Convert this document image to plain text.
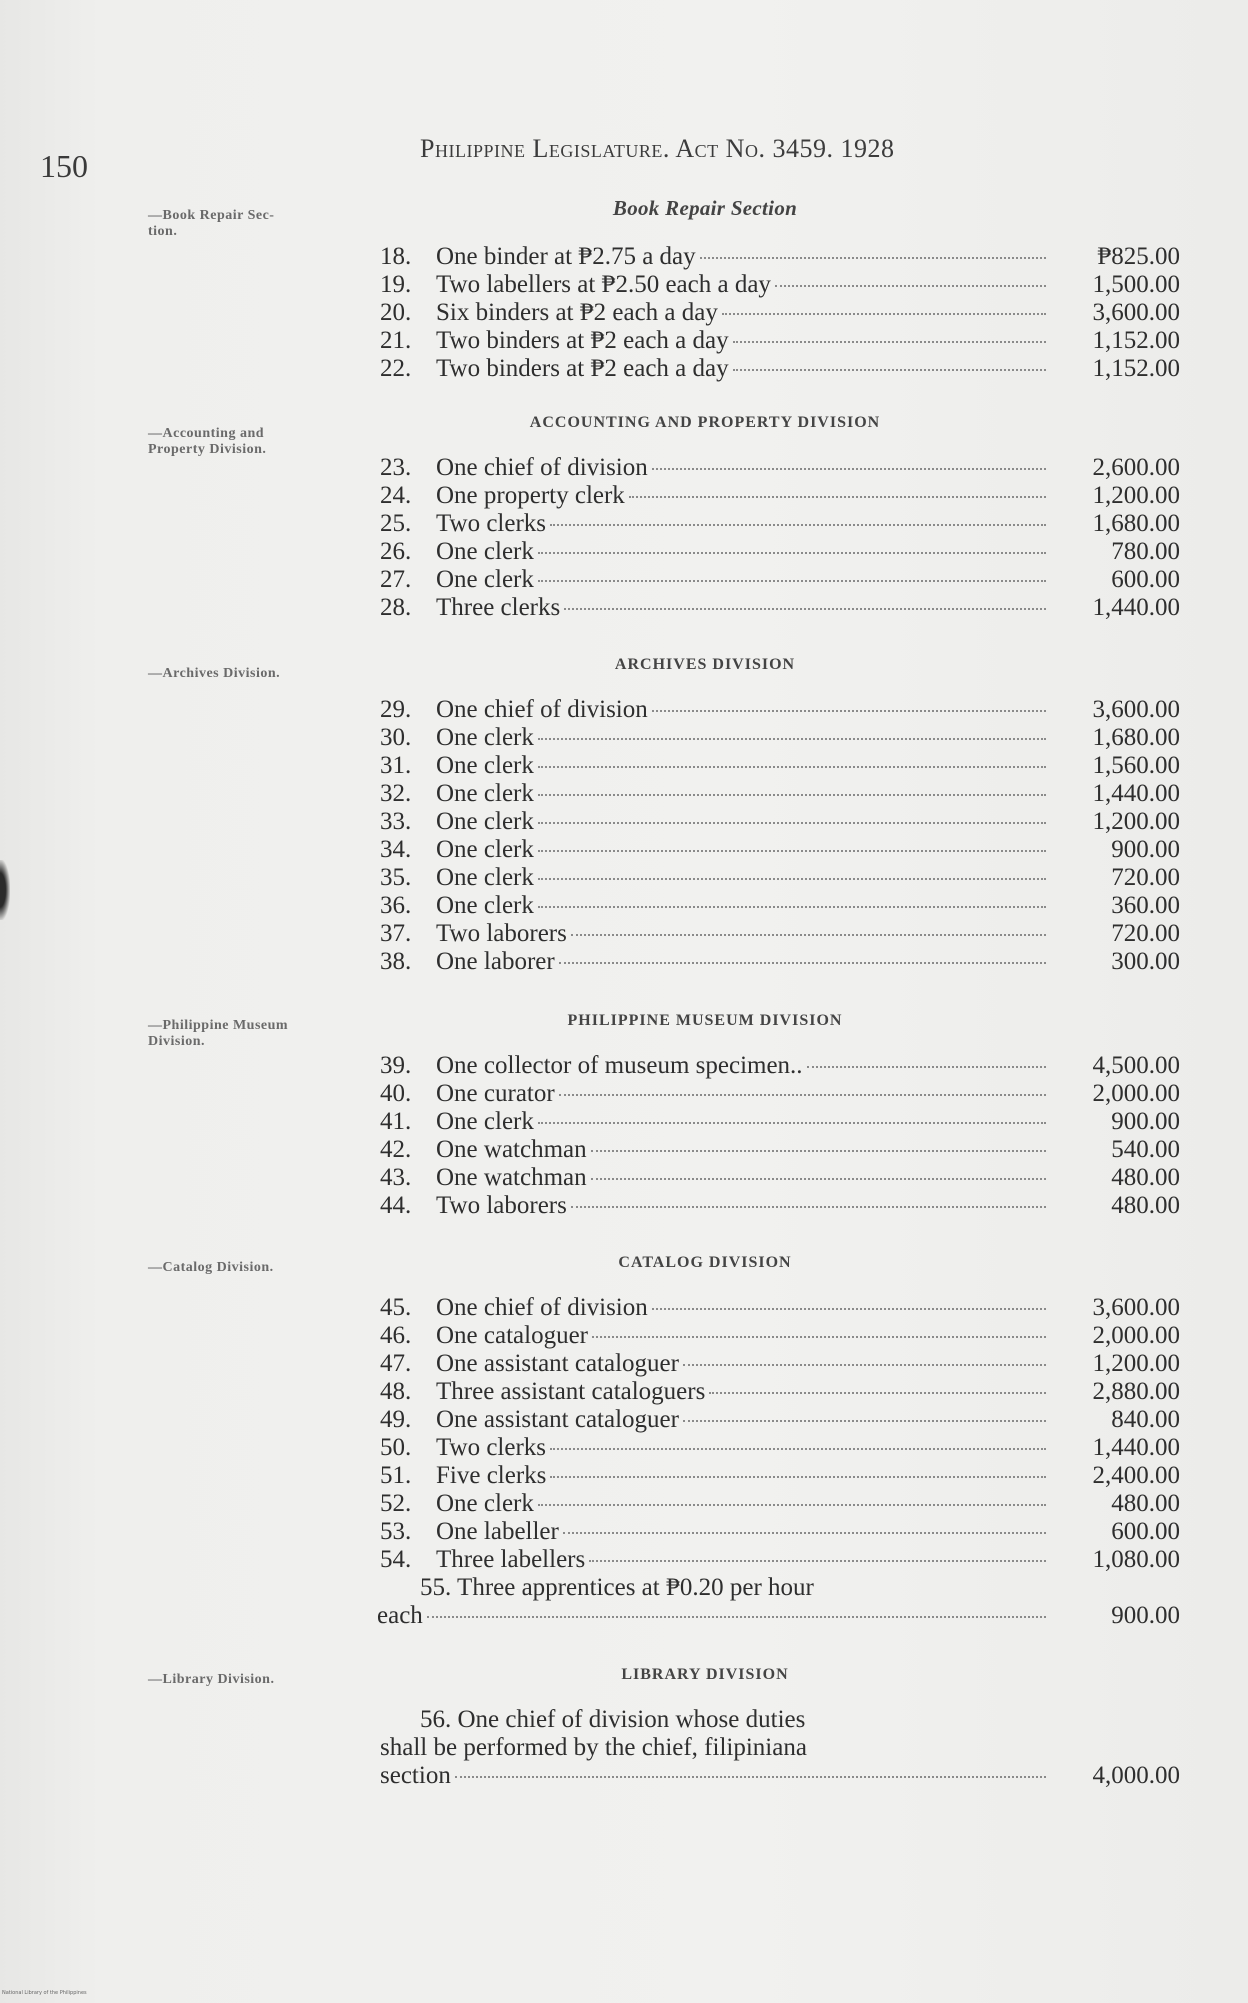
150	Philippine Legislature. Act No. 3459. 1928
—Book Repair Sec-
tion.
Book Repair Section
18. One binder at ₱2.75 a day	₱825.00
19. Two labellers at ₱2.50 each a day	1,500.00
20. Six binders at ₱2 each a day	3,600.00
21. Two binders at ₱2 each a day	1,152.00
22. Two binders at ₱2 each a day	1,152.00
—Accounting and
Property Division.
ACCOUNTING AND PROPERTY DIVISION
23. One chief of division	2,600.00
24. One property clerk	1,200.00
25. Two clerks	1,680.00
26. One clerk	780.00
27. One clerk	600.00
28. Three clerks	1,440.00
—Archives Division.
ARCHIVES DIVISION
29. One chief of division	3,600.00
30. One clerk	1,680.00
31. One clerk	1,560.00
32. One clerk	1,440.00
33. One clerk	1,200.00
34. One clerk	900.00
35. One clerk	720.00
36. One clerk	360.00
37. Two laborers	720.00
38. One laborer	300.00
—Philippine Museum
Division.
PHILIPPINE MUSEUM DIVISION
39. One collector of museum specimen..	4,500.00
40. One curator	2,000.00
41. One clerk	900.00
42. One watchman	540.00
43. One watchman	480.00
44. Two laborers	480.00
—Catalog Division.	CATALOG DIVISION
45. One chief of division	3,600.00
46. One cataloguer	2,000.00
47. One assistant cataloguer	1,200.00
48. Three assistant cataloguers	2,880.00
49. One assistant cataloguer	840.00
50. Two clerks	1,440.00
51. Five clerks	2,400.00
52. One clerk	480.00
53. One labeller	600.00
54. Three labellers	1,080.00
55. Three apprentices at ₱0.20 per hour
each	900.00
—Library Division.	LIBRARY DIVISION
56. One chief of division whose duties
shall be performed by the chief, filipiniana
section	4,000.00
National Library of the Philippines
